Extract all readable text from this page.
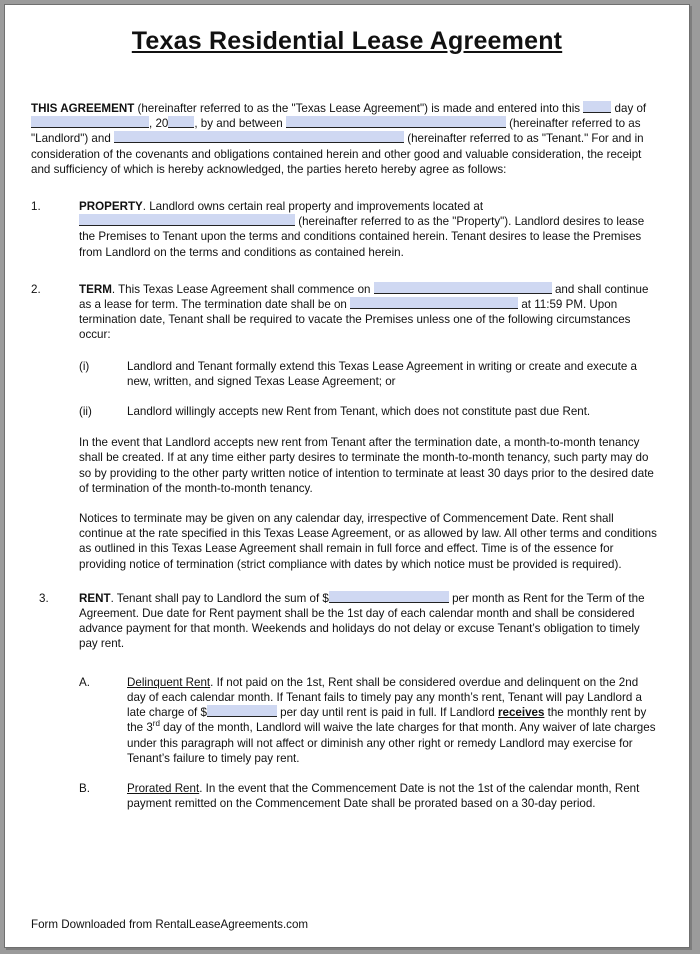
Texas Residential Lease Agreement

THIS AGREEMENT (hereinafter referred to as the "Texas Lease Agreement") is made and entered into this  day of , 20 , by and between	(hereinafter referred to as "Landlord") and	(hereinafter referred to as "Tenant." For and in consideration of the covenants and obligations contained herein and other good and valuable consideration, the receipt and sufficiency of which is hereby acknowledged, the parties hereto hereby agree as follows:

1.	PROPERTY. Landlord owns certain real property and improvements located at  (hereinafter referred to as the "Property"). Landlord desires to lease the Premises to Tenant upon the terms and conditions contained herein. Tenant desires to lease the Premises from Landlord on the terms and conditions as contained herein.

2.	TERM. This Texas Lease Agreement shall commence on	and shall continue as a lease for term. The termination date shall be on	at 11:59 PM. Upon termination date, Tenant shall be required to vacate the Premises unless one of the following circumstances occur:

(i)	Landlord and Tenant formally extend this Texas Lease Agreement in writing or create and execute a new, written, and signed Texas Lease Agreement; or
(ii)	Landlord willingly accepts new Rent from Tenant, which does not constitute past due Rent.

In the event that Landlord accepts new rent from Tenant after the termination date, a month-to-month tenancy shall be created. If at any time either party desires to terminate the month-to-month tenancy, such party may do so by providing to the other party written notice of intention to terminate at least 30 days prior to the desired date of termination of the month-to-month tenancy.

Notices to terminate may be given on any calendar day, irrespective of Commencement Date. Rent shall continue at the rate specified in this Texas Lease Agreement, or as allowed by law. All other terms and conditions as outlined in this Texas Lease Agreement shall remain in full force and effect. Time is of the essence for providing notice of termination (strict compliance with dates by which notice must be provided is required).

3.	RENT. Tenant shall pay to Landlord the sum of $	per month as Rent for the Term of the Agreement. Due date for Rent payment shall be the 1st day of each calendar month and shall be considered advance payment for that month. Weekends and holidays do not delay or excuse Tenant’s obligation to timely pay rent.

A.	Delinquent Rent. If not paid on the 1st, Rent shall be considered overdue and delinquent on the 2nd day of each calendar month. If Tenant fails to timely pay any month’s rent, Tenant will pay Landlord a late charge of $	per day until rent is paid in full. If Landlord receives the monthly rent by the 3rd day of the month, Landlord will waive the late charges for that month. Any waiver of late charges under this paragraph will not affect or diminish any other right or remedy Landlord may exercise for Tenant’s failure to timely pay rent.

B.	Prorated Rent. In the event that the Commencement Date is not the 1st of the calendar month, Rent payment remitted on the Commencement Date shall be prorated based on a 30-day period.

Form Downloaded from RentalLeaseAgreements.com
